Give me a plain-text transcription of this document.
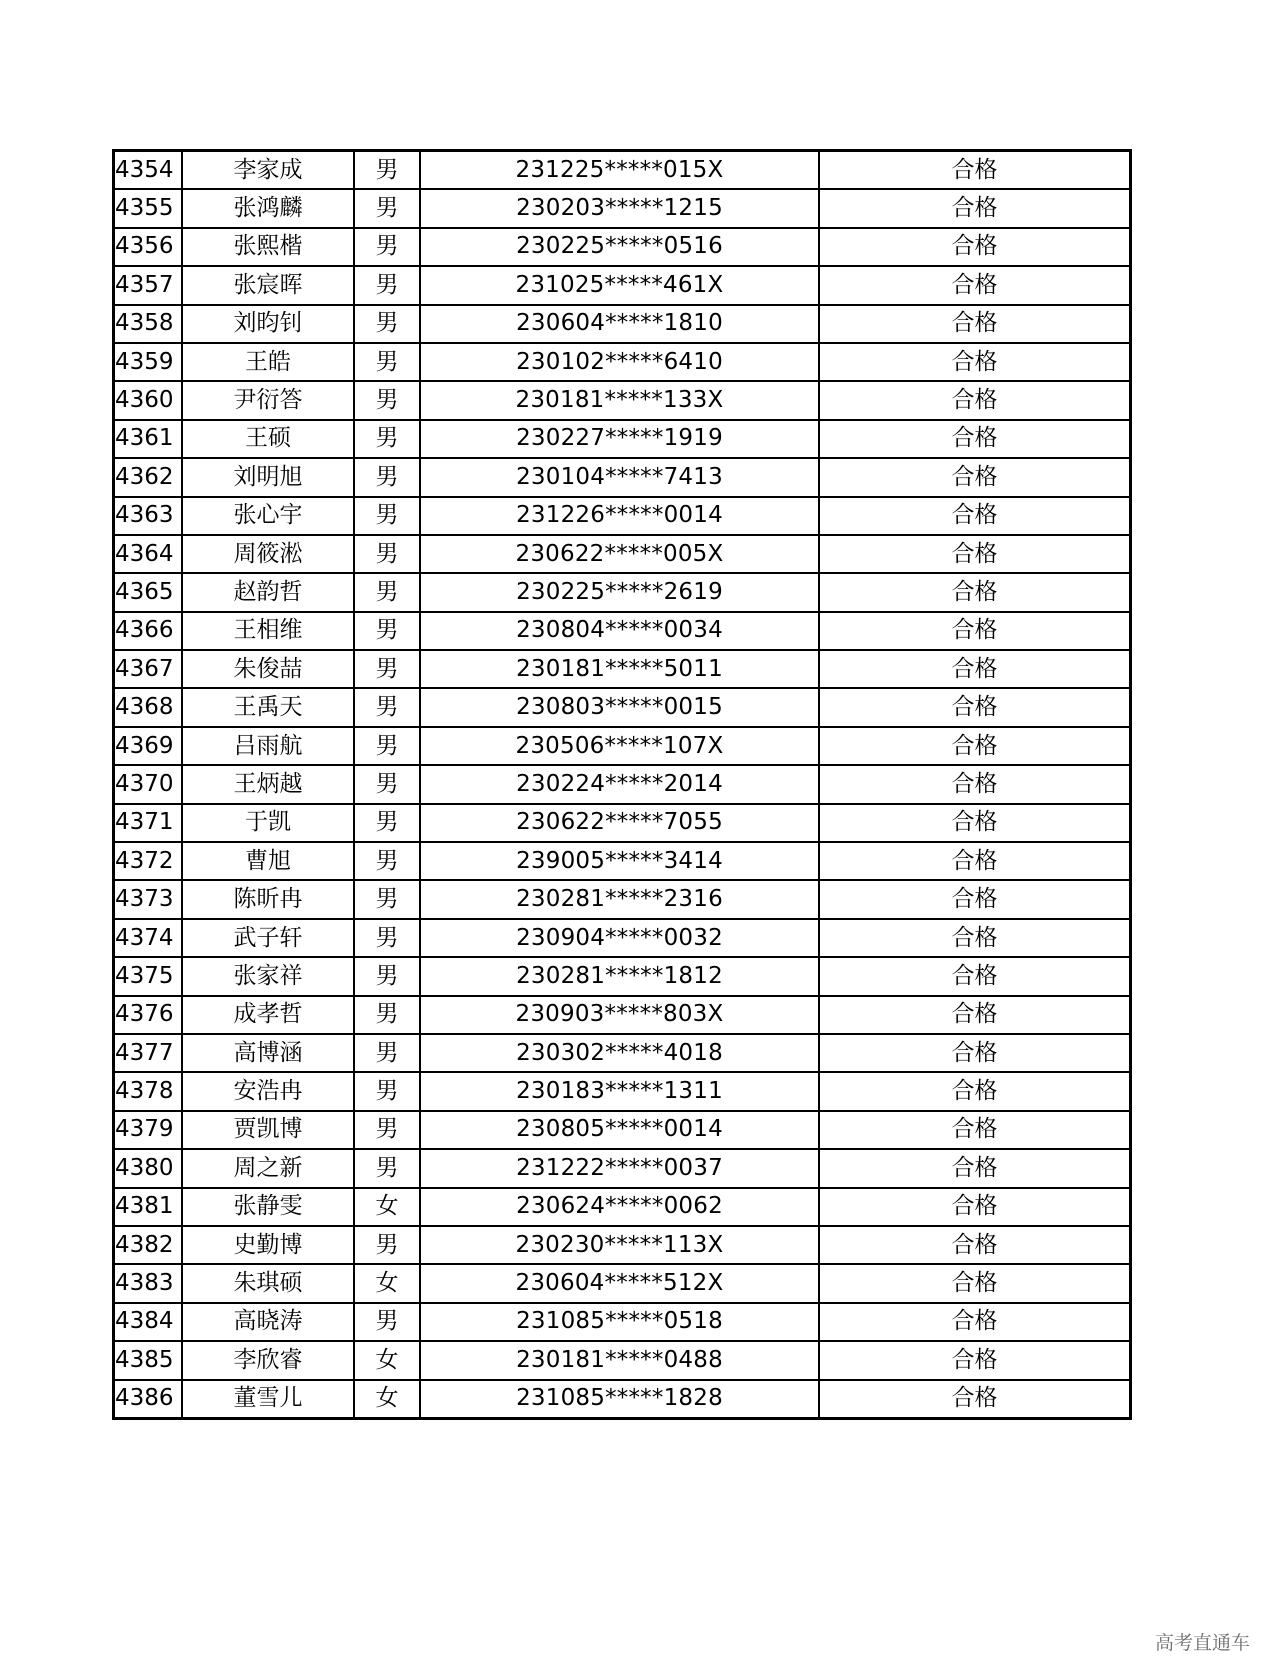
4354	李家成	男	231225*****015X	合格
4355	张鸿麟	男	230203*****1215	合格
4356	张熙楷	男	230225*****0516	合格
4357	张宸晖	男	231025*****461X	合格
4358	刘昀钊	男	230604*****1810	合格
4359	王皓	男	230102*****6410	合格
4360	尹衍答	男	230181*****133X	合格
4361	王硕	男	230227*****1919	合格
4362	刘明旭	男	230104*****7413	合格
4363	张心宇	男	231226*****0014	合格
4364	周筱淞	男	230622*****005X	合格
4365	赵韵哲	男	230225*****2619	合格
4366	王相维	男	230804*****0034	合格
4367	朱俊喆	男	230181*****5011	合格
4368	王禹天	男	230803*****0015	合格
4369	吕雨航	男	230506*****107X	合格
4370	王炳越	男	230224*****2014	合格
4371	于凯	男	230622*****7055	合格
4372	曹旭	男	239005*****3414	合格
4373	陈昕冉	男	230281*****2316	合格
4374	武子轩	男	230904*****0032	合格
4375	张家祥	男	230281*****1812	合格
4376	成孝哲	男	230903*****803X	合格
4377	高博涵	男	230302*****4018	合格
4378	安浩冉	男	230183*****1311	合格
4379	贾凯博	男	230805*****0014	合格
4380	周之新	男	231222*****0037	合格
4381	张静雯	女	230624*****0062	合格
4382	史勤博	男	230230*****113X	合格
4383	朱琪硕	女	230604*****512X	合格
4384	高晓涛	男	231085*****0518	合格
4385	李欣睿	女	230181*****0488	合格
4386	董雪儿	女	231085*****1828	合格
高考直通车
